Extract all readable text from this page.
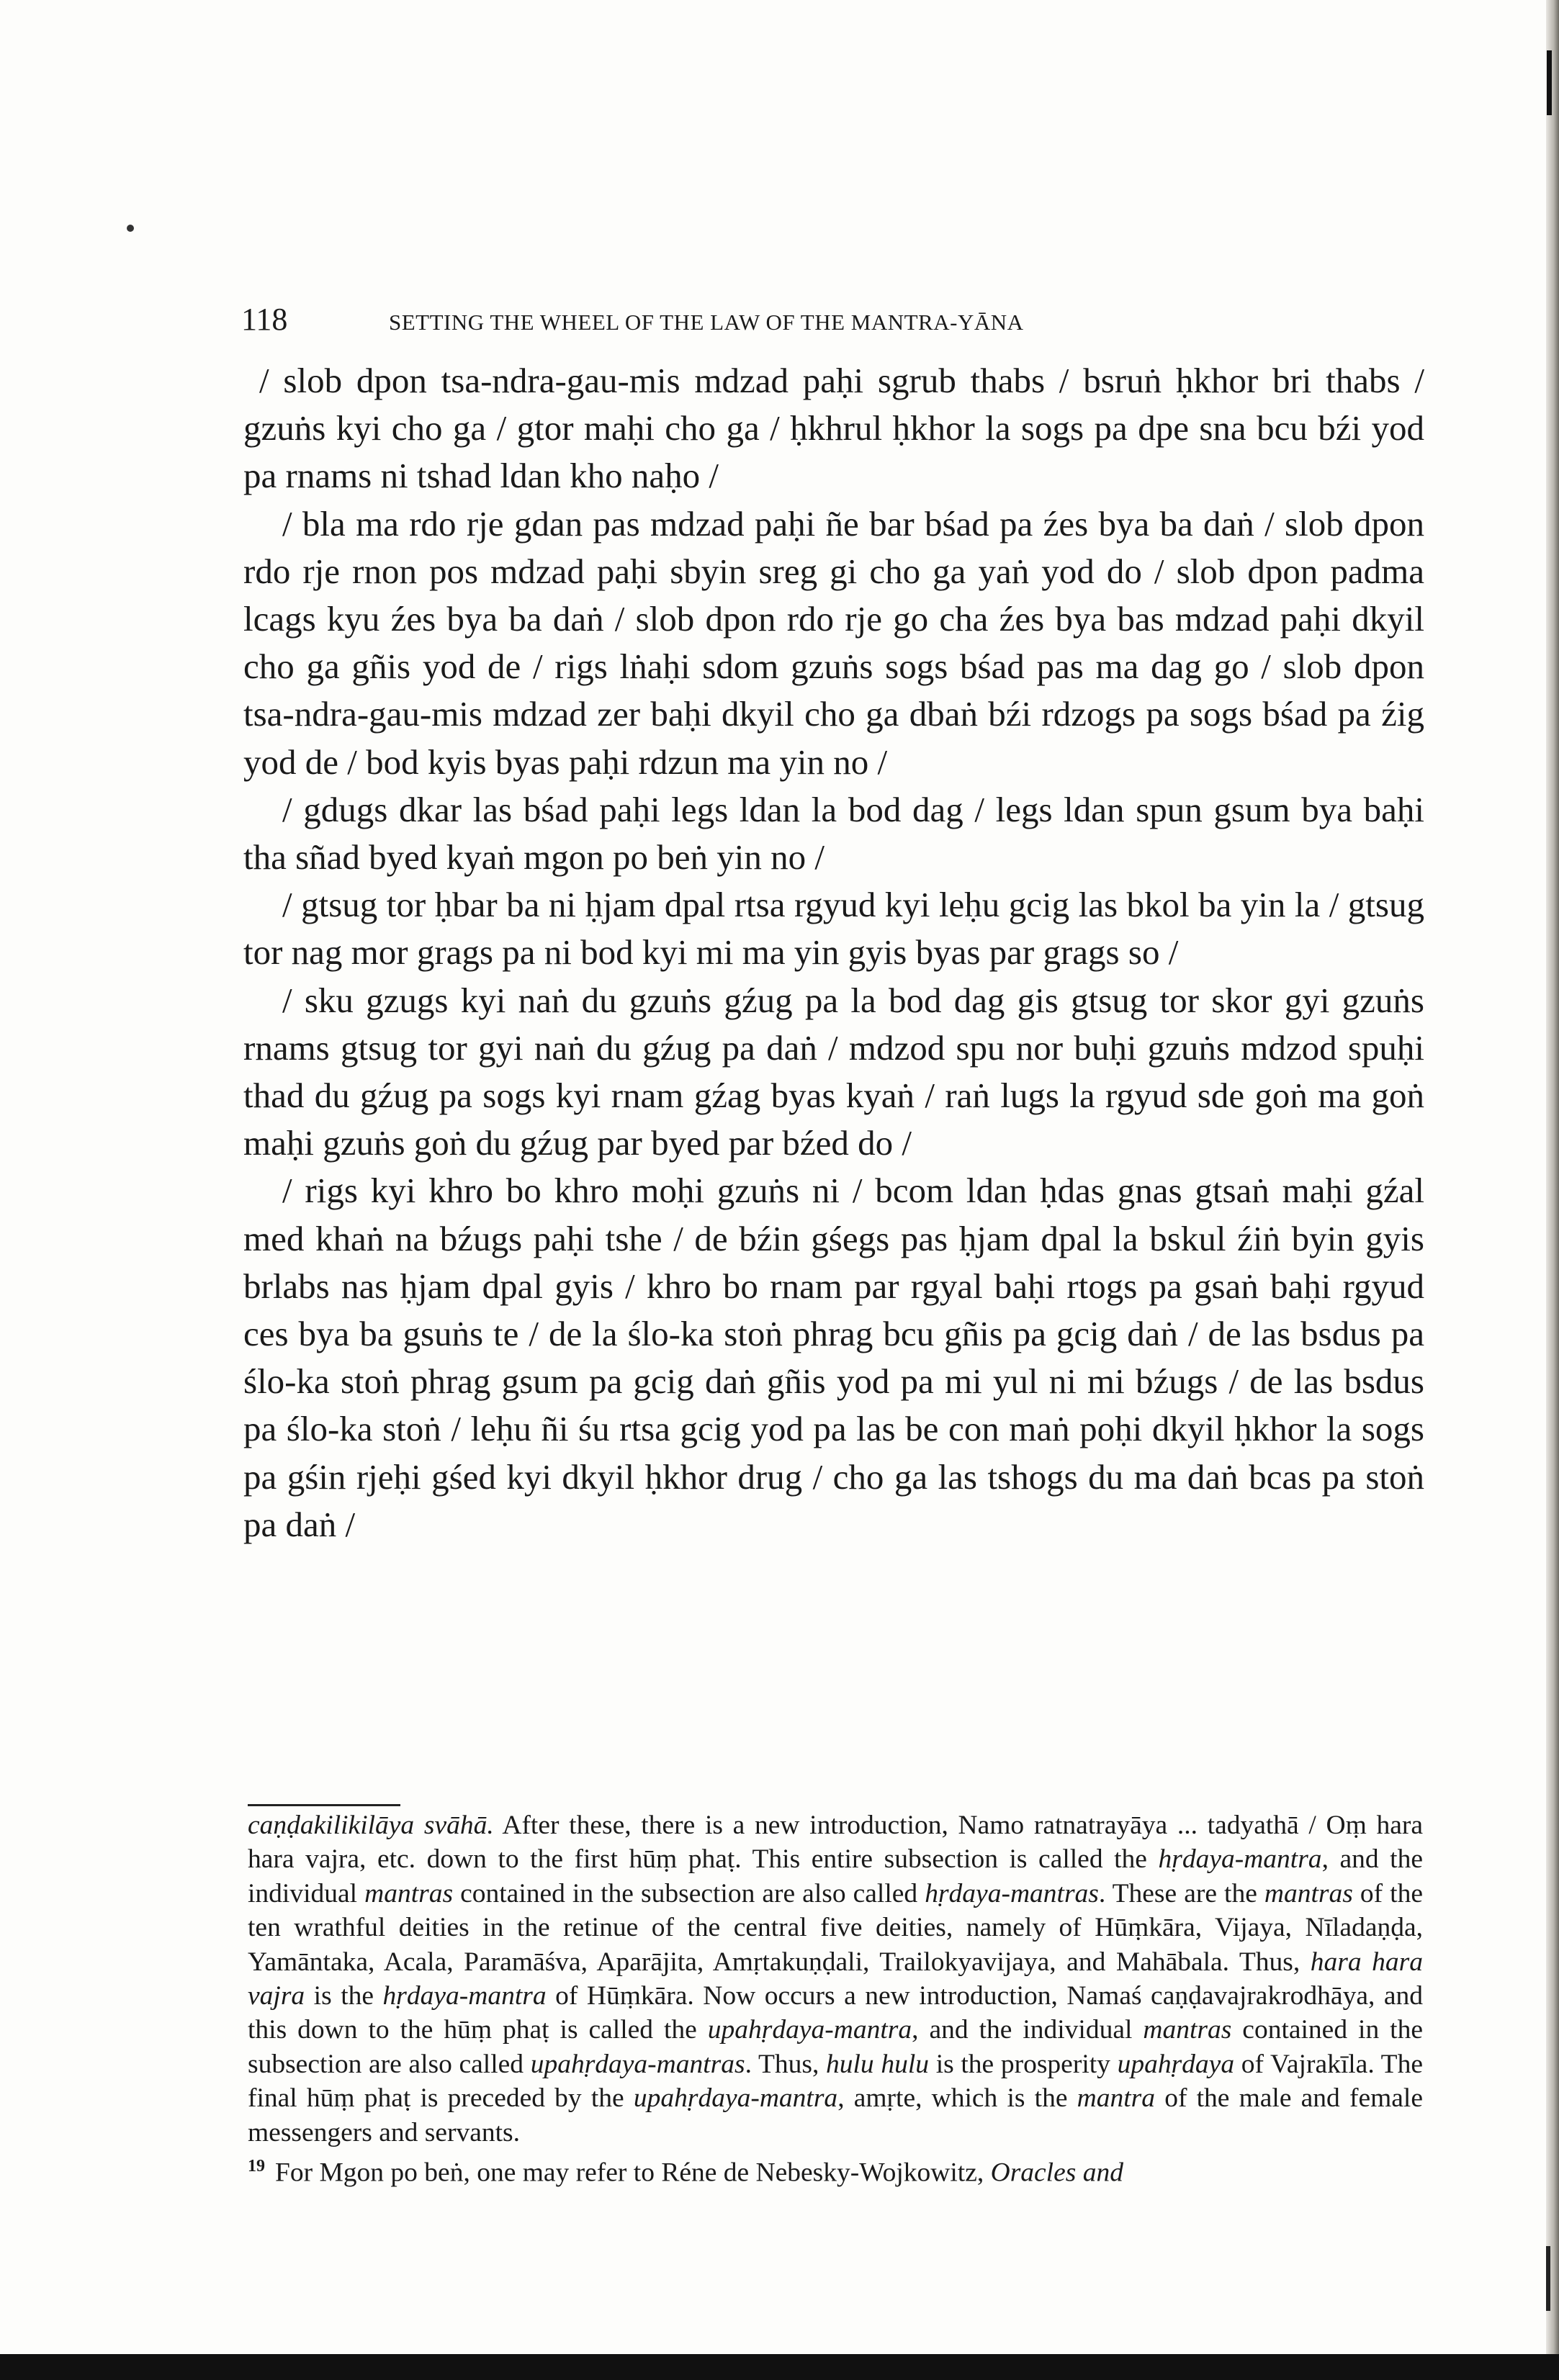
118	SETTING THE WHEEL OF THE LAW OF THE MANTRA-YĀNA

/ slob dpon tsa-ndra-gau-mis mdzad paḥi sgrub thabs / bsruṅ ḥkhor bri thabs / gzuṅs kyi cho ga / gtor maḥi cho ga / ḥkhrul ḥkhor la sogs pa dpe sna bcu bźi yod pa rnams ni tshad ldan kho naḥo /

/ bla ma rdo rje gdan pas mdzad paḥi ñe bar bśad pa źes bya ba daṅ / slob dpon rdo rje rnon pos mdzad paḥi sbyin sreg gi cho ga yaṅ yod do / slob dpon padma lcags kyu źes bya ba daṅ / slob dpon rdo rje go cha źes bya bas mdzad paḥi dkyil cho ga gñis yod de / rigs lṅaḥi sdom gzuṅs sogs bśad pas ma dag go / slob dpon tsa-ndra-gau-mis mdzad zer baḥi dkyil cho ga dbaṅ bźi rdzogs pa sogs bśad pa źig yod de / bod kyis byas paḥi rdzun ma yin no /

/ gdugs dkar las bśad paḥi legs ldan la bod dag / legs ldan spun gsum bya baḥi tha sñad byed kyaṅ mgon po beṅ yin no /

/ gtsug tor ḥbar ba ni ḥjam dpal rtsa rgyud kyi leḥu gcig las bkol ba yin la / gtsug tor nag mor grags pa ni bod kyi mi ma yin gyis byas par grags so /

/ sku gzugs kyi naṅ du gzuṅs gźug pa la bod dag gis gtsug tor skor gyi gzuṅs rnams gtsug tor gyi naṅ du gźug pa daṅ / mdzod spu nor buḥi gzuṅs mdzod spuḥi thad du gźug pa sogs kyi rnam gźag byas kyaṅ / raṅ lugs la rgyud sde goṅ ma goṅ maḥi gzuṅs goṅ du gźug par byed par bźed do /

/ rigs kyi khro bo khro moḥi gzuṅs ni / bcom ldan ḥdas gnas gtsaṅ maḥi gźal med khaṅ na bźugs paḥi tshe / de bźin gśegs pas ḥjam dpal la bskul źiṅ byin gyis brlabs nas ḥjam dpal gyis / khro bo rnam par rgyal baḥi rtogs pa gsaṅ baḥi rgyud ces bya ba gsuṅs te / de la ślo-ka stoṅ phrag bcu gñis pa gcig daṅ / de las bsdus pa ślo-ka stoṅ phrag gsum pa gcig daṅ gñis yod pa mi yul ni mi bźugs / de las bsdus pa ślo-ka stoṅ / leḥu ñi śu rtsa gcig yod pa las be con maṅ poḥi dkyil ḥkhor la sogs pa gśin rjeḥi gśed kyi dkyil ḥkhor drug / cho ga las tshogs du ma daṅ bcas pa stoṅ pa daṅ /

caṇḍakilikilāya svāhā. After these, there is a new introduction, Namo ratnatrayāya ... tadyathā / Oṃ hara hara vajra, etc. down to the first hūṃ phaṭ. This entire subsection is called the hṛdaya-mantra, and the individual mantras contained in the subsection are also called hṛdaya-mantras. These are the mantras of the ten wrathful deities in the retinue of the central five deities, namely of Hūṃkāra, Vijaya, Nīladaṇḍa, Yamāntaka, Acala, Paramāśva, Aparājita, Amṛtakuṇḍali, Trailokyavijaya, and Mahābala. Thus, hara hara vajra is the hṛdaya-mantra of Hūṃkāra. Now occurs a new introduction, Namaś caṇḍavajrakrodhāya, and this down to the hūṃ phaṭ is called the upahṛdaya-mantra, and the individual mantras contained in the subsection are also called upahṛdaya-mantras. Thus, hulu hulu is the prosperity upahṛdaya of Vajrakīla. The final hūṃ phaṭ is preceded by the upahṛdaya-mantra, amṛte, which is the mantra of the male and female messengers and servants.

$^{19}$ For Mgon po beṅ, one may refer to Réne de Nebesky-Wojkowitz, Oracles and
